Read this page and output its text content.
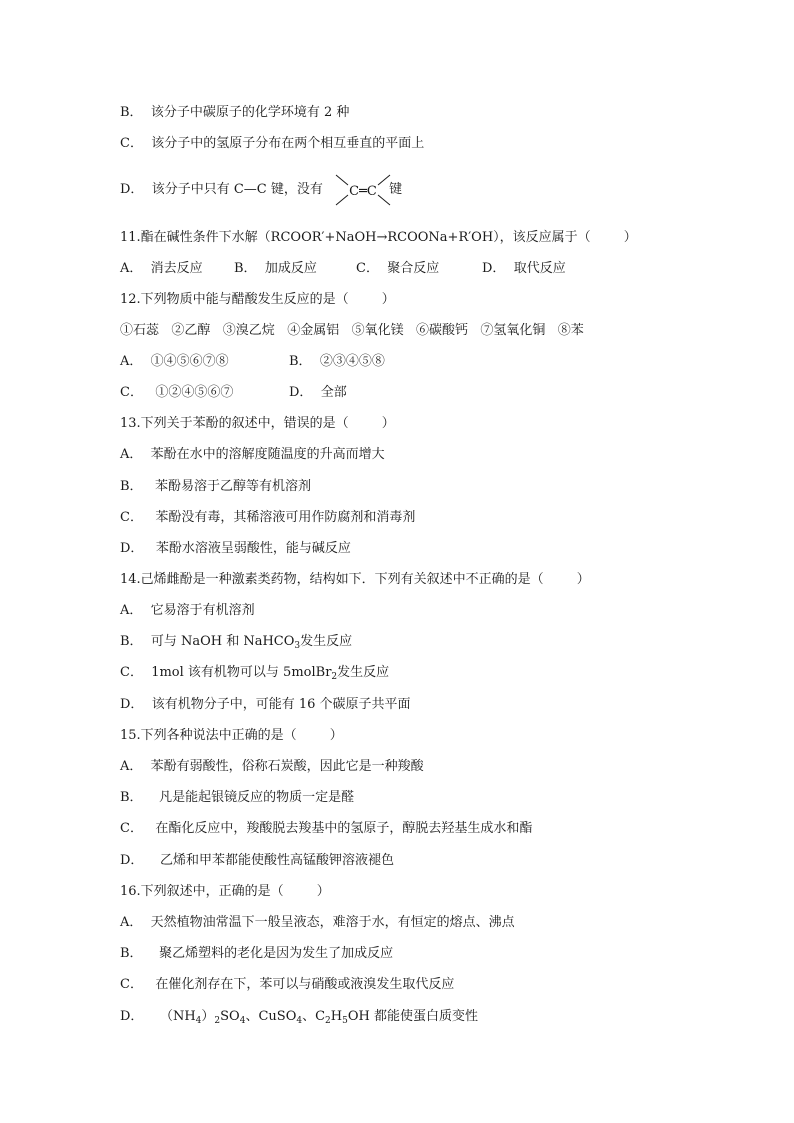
B．  该分子中碳原子的化学环境有 2 种
C．  该分子中的氢原子分布在两个相互垂直的平面上
D．  该分子中只有 C—C 键，没有	键
C═C
11.酯在碱性条件下水解（RCOOR′+NaOH→RCOONa+R′OH），该反应属于（        ）
A．  消去反应 B．  加成反应	C．  聚合反应	D．  取代反应
12.下列物质中能与醋酸发生反应的是（        ）
①石蕊   ②乙醇   ③溴乙烷   ④金属铝   ⑤氧化镁   ⑥碳酸钙   ⑦氢氧化铜   ⑧苯
A．  ①④⑤⑥⑦⑧	B．  ②③④⑤⑧
C．   ①②④⑤⑥⑦	D．  全部
13.下列关于苯酚的叙述中，错误的是（        ）
A．  苯酚在水中的溶解度随温度的升高而增大
B．   苯酚易溶于乙醇等有机溶剂
C．   苯酚没有毒，其稀溶液可用作防腐剂和消毒剂
D．   苯酚水溶液呈弱酸性，能与碱反应
14.己烯雌酚是一种激素类药物，结构如下．下列有关叙述中不正确的是（        ）
A．  它易溶于有机溶剂
B．  可与 NaOH 和 NaHCO$_3$发生反应
C．  1mol 该有机物可以与 5molBr$_2$发生反应
D．  该有机物分子中，可能有 16 个碳原子共平面
15.下列各种说法中正确的是（        ）
A．  苯酚有弱酸性，俗称石炭酸，因此它是一种羧酸
B．    凡是能起银镜反应的物质一定是醛
C．   在酯化反应中，羧酸脱去羧基中的氢原子，醇脱去羟基生成水和酯
D．    乙烯和甲苯都能使酸性高锰酸钾溶液褪色
16.下列叙述中，正确的是（        ）
A．  天然植物油常温下一般呈液态，难溶于水，有恒定的熔点、沸点
B．    聚乙烯塑料的老化是因为发生了加成反应
C．   在催化剂存在下，苯可以与硝酸或液溴发生取代反应
D．    $(NH_4)_2SO_4$、CuSO$_4$、$C_2H_5OH$ 都能使蛋白质变性
